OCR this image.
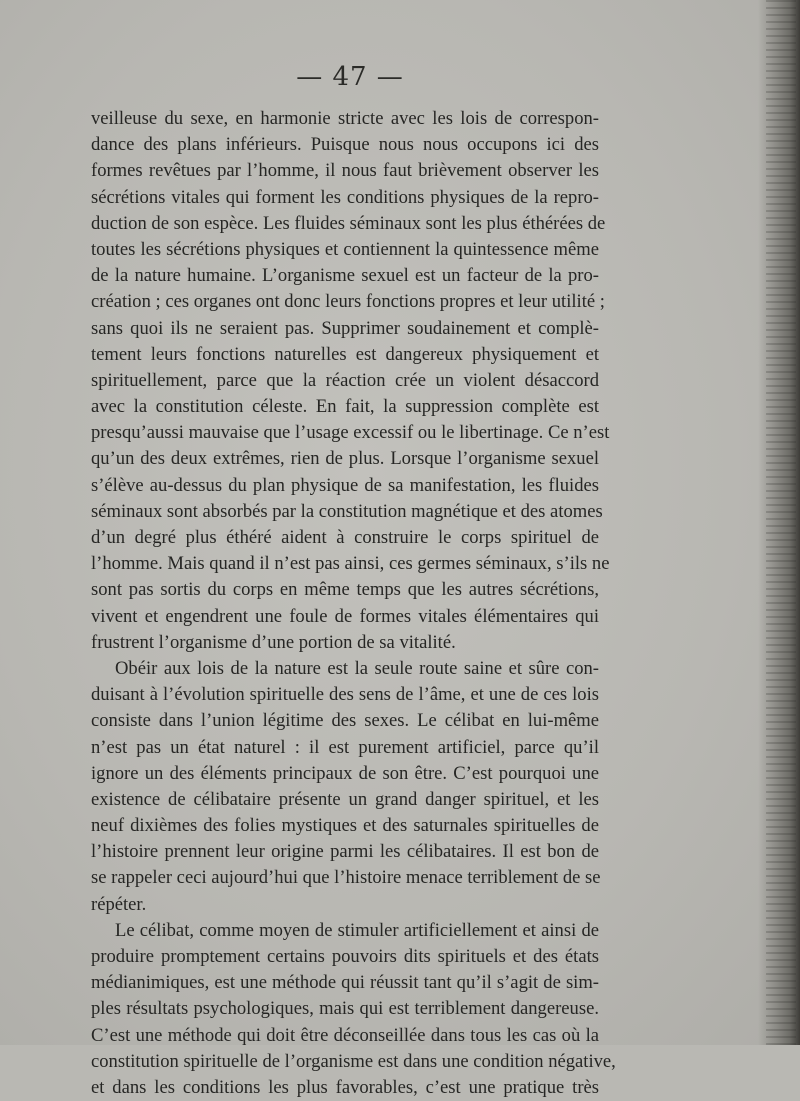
— 47 —
veilleuse du sexe, en harmonie stricte avec les lois de correspon-
dance des plans inférieurs. Puisque nous nous occupons ici des
formes revêtues par l’homme, il nous faut brièvement observer les
sécrétions vitales qui forment les conditions physiques de la repro-
duction de son espèce. Les fluides séminaux sont les plus éthérées de
toutes les sécrétions physiques et contiennent la quintessence même
de la nature humaine. L’organisme sexuel est un facteur de la pro-
création ; ces organes ont donc leurs fonctions propres et leur utilité ;
sans quoi ils ne seraient pas. Supprimer soudainement et complè-
tement leurs fonctions naturelles est dangereux physiquement et
spirituellement, parce que la réaction crée un violent désaccord
avec la constitution céleste. En fait, la suppression complète est
presqu’aussi mauvaise que l’usage excessif ou le libertinage. Ce n’est
qu’un des deux extrêmes, rien de plus. Lorsque l’organisme sexuel
s’élève au-dessus du plan physique de sa manifestation, les fluides
séminaux sont absorbés par la constitution magnétique et des atomes
d’un degré plus éthéré aident à construire le corps spirituel de
l’homme. Mais quand il n’est pas ainsi, ces germes séminaux, s’ils ne
sont pas sortis du corps en même temps que les autres sécrétions,
vivent et engendrent une foule de formes vitales élémentaires qui
frustrent l’organisme d’une portion de sa vitalité.
Obéir aux lois de la nature est la seule route saine et sûre con-
duisant à l’évolution spirituelle des sens de l’âme, et une de ces lois
consiste dans l’union légitime des sexes. Le célibat en lui-même
n’est pas un état naturel : il est purement artificiel, parce qu’il
ignore un des éléments principaux de son être. C’est pourquoi une
existence de célibataire présente un grand danger spirituel, et les
neuf dixièmes des folies mystiques et des saturnales spirituelles de
l’histoire prennent leur origine parmi les célibataires. Il est bon de
se rappeler ceci aujourd’hui que l’histoire menace terriblement de se
répéter.
Le célibat, comme moyen de stimuler artificiellement et ainsi de
produire promptement certains pouvoirs dits spirituels et des états
médianimiques, est une méthode qui réussit tant qu’il s’agit de sim-
ples résultats psychologiques, mais qui est terriblement dangereuse.
C’est une méthode qui doit être déconseillée dans tous les cas où la
constitution spirituelle de l’organisme est dans une condition négative,
et dans les conditions les plus favorables, c’est une pratique très
